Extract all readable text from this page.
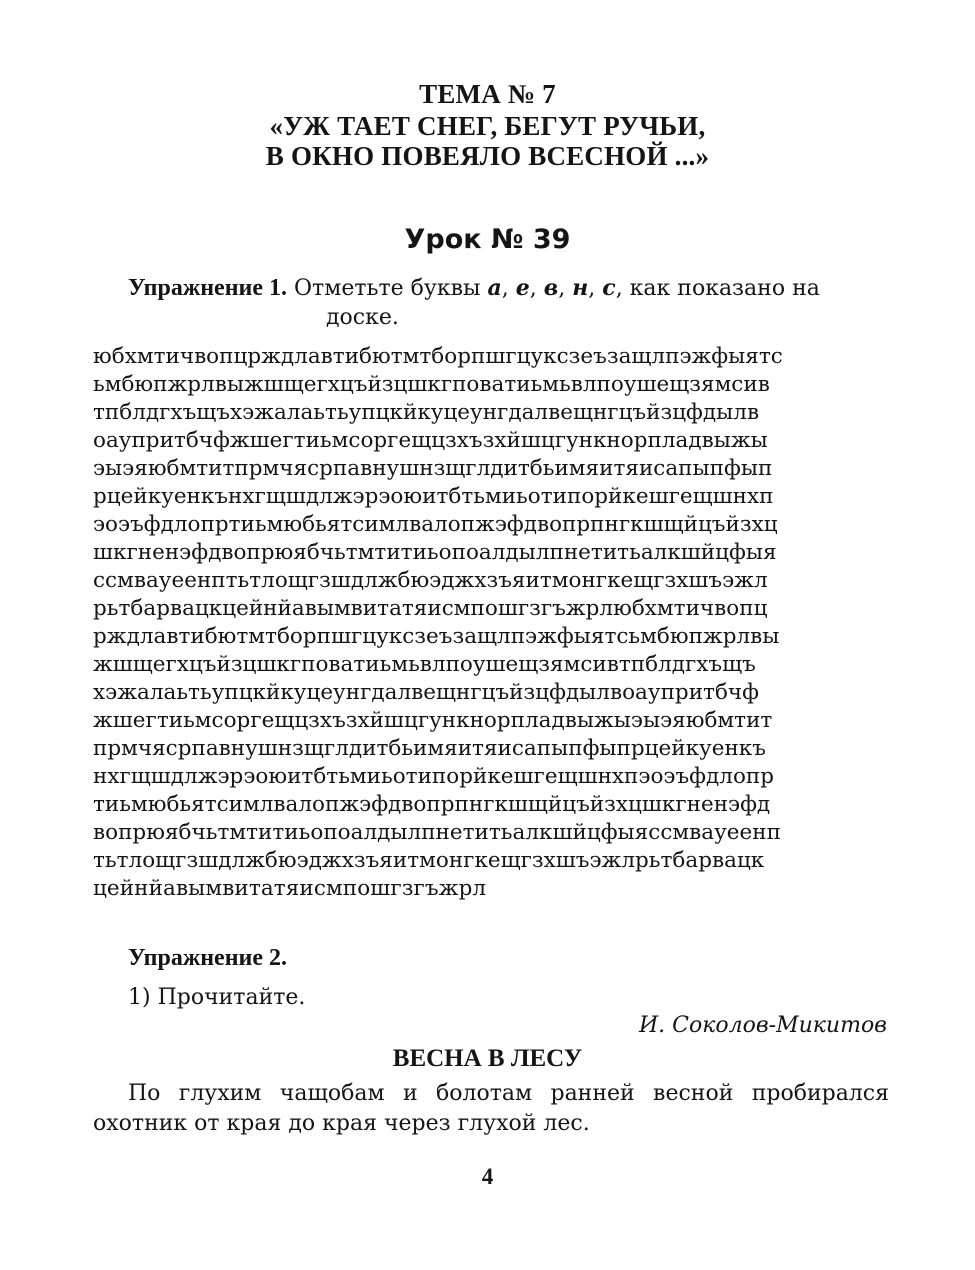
ТЕМА № 7
«УЖ ТАЕТ СНЕГ, БЕГУТ РУЧЬИ,
В ОКНО ПОВЕЯЛО ВСЕСНОЙ ...»
Урок № 39
Упражнение 1. Отметьте буквы а, е, в, н, с, как показано на
доске.
юбхмтичвопцрждлавтибютмтборпшгцуксзеъзащлпэжфыятс
ьмбюпжрлвыжшщегхцъйзцшкгповатиьмьвлпоушещзямсив
тпблдгхъщъхэжалаьтьупцкйкуцеунгдалвещнгцъйзцфдылв
оаупритбчфжшегтиьмсоргещцзхъзхйшцгункнорпладвыжы
эыэяюбмтитпрмчясрпавнушнзщглдитбьимяитяисапыпфып
рцейкуенкънхгщшдлжэрэоюитбтьмиьотипорйкешгещшнхп
эоэъфдлопртиьмюбьятсимлвалопжэфдвопрпнгкшщйцъйзхц
шкгненэфдвопрюябчьтмтитиьопоалдылпнетитьалкшйцфыя
ссмвауеенптьтлощгзшдлжбюэджхзъяитмонгкещгзхшъэжл
рьтбарвацкцейнйавымвитатяисмпошгзгъжрлюбхмтичвопц
рждлавтибютмтборпшгцуксзеъзащлпэжфыятсьмбюпжрлвы
жшщегхцъйзцшкгповатиьмьвлпоушещзямсивтпблдгхъщъ
хэжалаьтьупцкйкуцеунгдалвещнгцъйзцфдылвоаупритбчф
жшегтиьмсоргещцзхъзхйшцгункнорпладвыжыэыэяюбмтит
прмчясрпавнушнзщглдитбьимяитяисапыпфыпрцейкуенкъ
нхгщшдлжэрэоюитбтьмиьотипорйкешгещшнхпэоэъфдлопр
тиьмюбьятсимлвалопжэфдвопрпнгкшщйцъйзхцшкгненэфд
вопрюябчьтмтитиьопоалдылпнетитьалкшйцфыяссмвауеенп
тьтлощгзшдлжбюэджхзъяитмонгкещгзхшъэжлрьтбарвацк
цейнйавымвитатяисмпошгзгъжрл
Упражнение 2.
1) Прочитайте.
И. Соколов-Микитов
ВЕСНА В ЛЕСУ
По глухим чащобам и болотам ранней весной пробирался
охотник от края до края через глухой лес.
4
